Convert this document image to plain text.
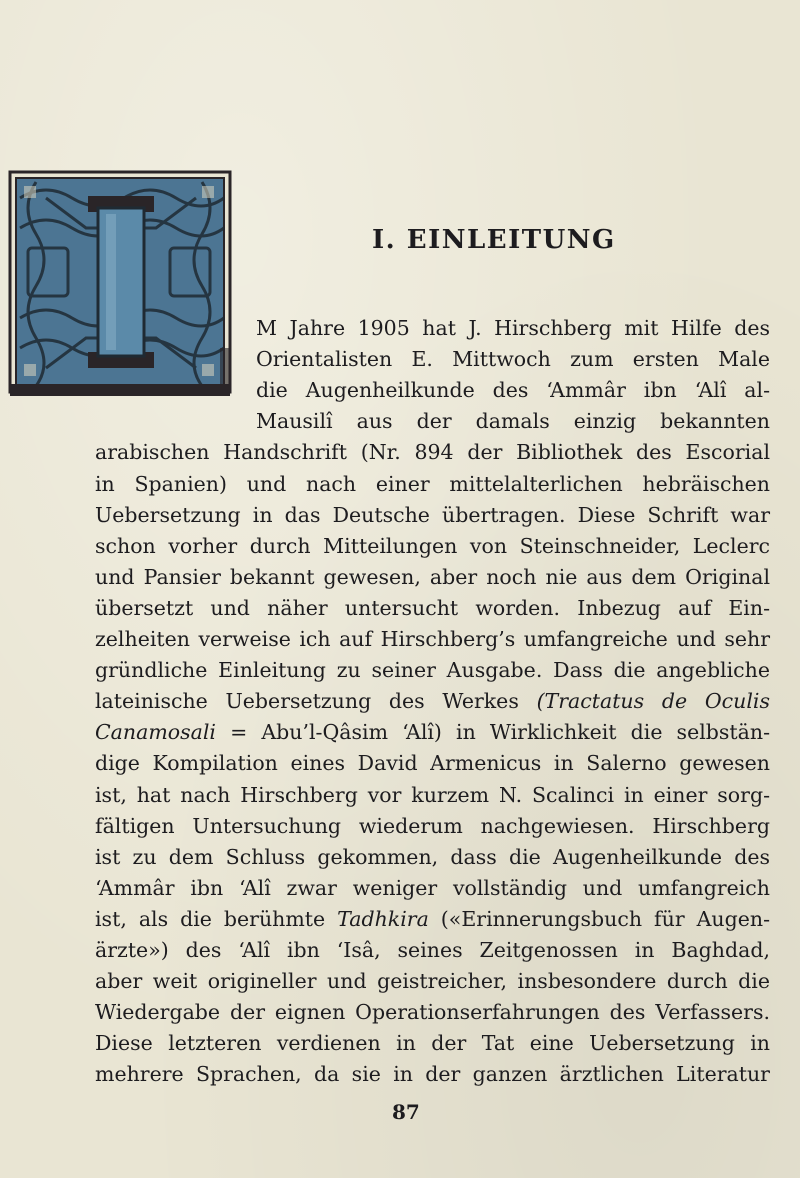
I. EINLEITUNG
M Jahre 1905 hat J. Hirschberg mit Hilfe des
Orientalisten E. Mittwoch zum ersten Male
die Augenheilkunde des ‘Ammâr ibn ‘Alî al-
Mausilî aus der damals einzig bekannten
arabischen Handschrift (Nr. 894 der Bibliothek des Escorial
in Spanien) und nach einer mittelalterlichen hebräischen
Uebersetzung in das Deutsche übertragen. Diese Schrift war
schon vorher durch Mitteilungen von Steinschneider, Leclerc
und Pansier bekannt gewesen, aber noch nie aus dem Original
übersetzt und näher untersucht worden. Inbezug auf Ein-
zelheiten verweise ich auf Hirschberg’s umfangreiche und sehr
gründliche Einleitung zu seiner Ausgabe. Dass die angebliche
lateinische Uebersetzung des Werkes (Tractatus de Oculis
Canamosali = Abu’l-Qâsim ‘Alî) in Wirklichkeit die selbstän-
dige Kompilation eines David Armenicus in Salerno gewesen
ist, hat nach Hirschberg vor kurzem N. Scalinci in einer sorg-
fältigen Untersuchung wiederum nachgewiesen. Hirschberg
ist zu dem Schluss gekommen, dass die Augenheilkunde des
‘Ammâr ibn ‘Alî zwar weniger vollständig und umfangreich
ist, als die berühmte Tadhkira («Erinnerungsbuch für Augen-
ärzte») des ‘Alî ibn ‘Isâ, seines Zeitgenossen in Baghdad,
aber weit origineller und geistreicher, insbesondere durch die
Wiedergabe der eignen Operationserfahrungen des Verfassers.
Diese letzteren verdienen in der Tat eine Uebersetzung in
mehrere Sprachen, da sie in der ganzen ärztlichen Literatur
87
